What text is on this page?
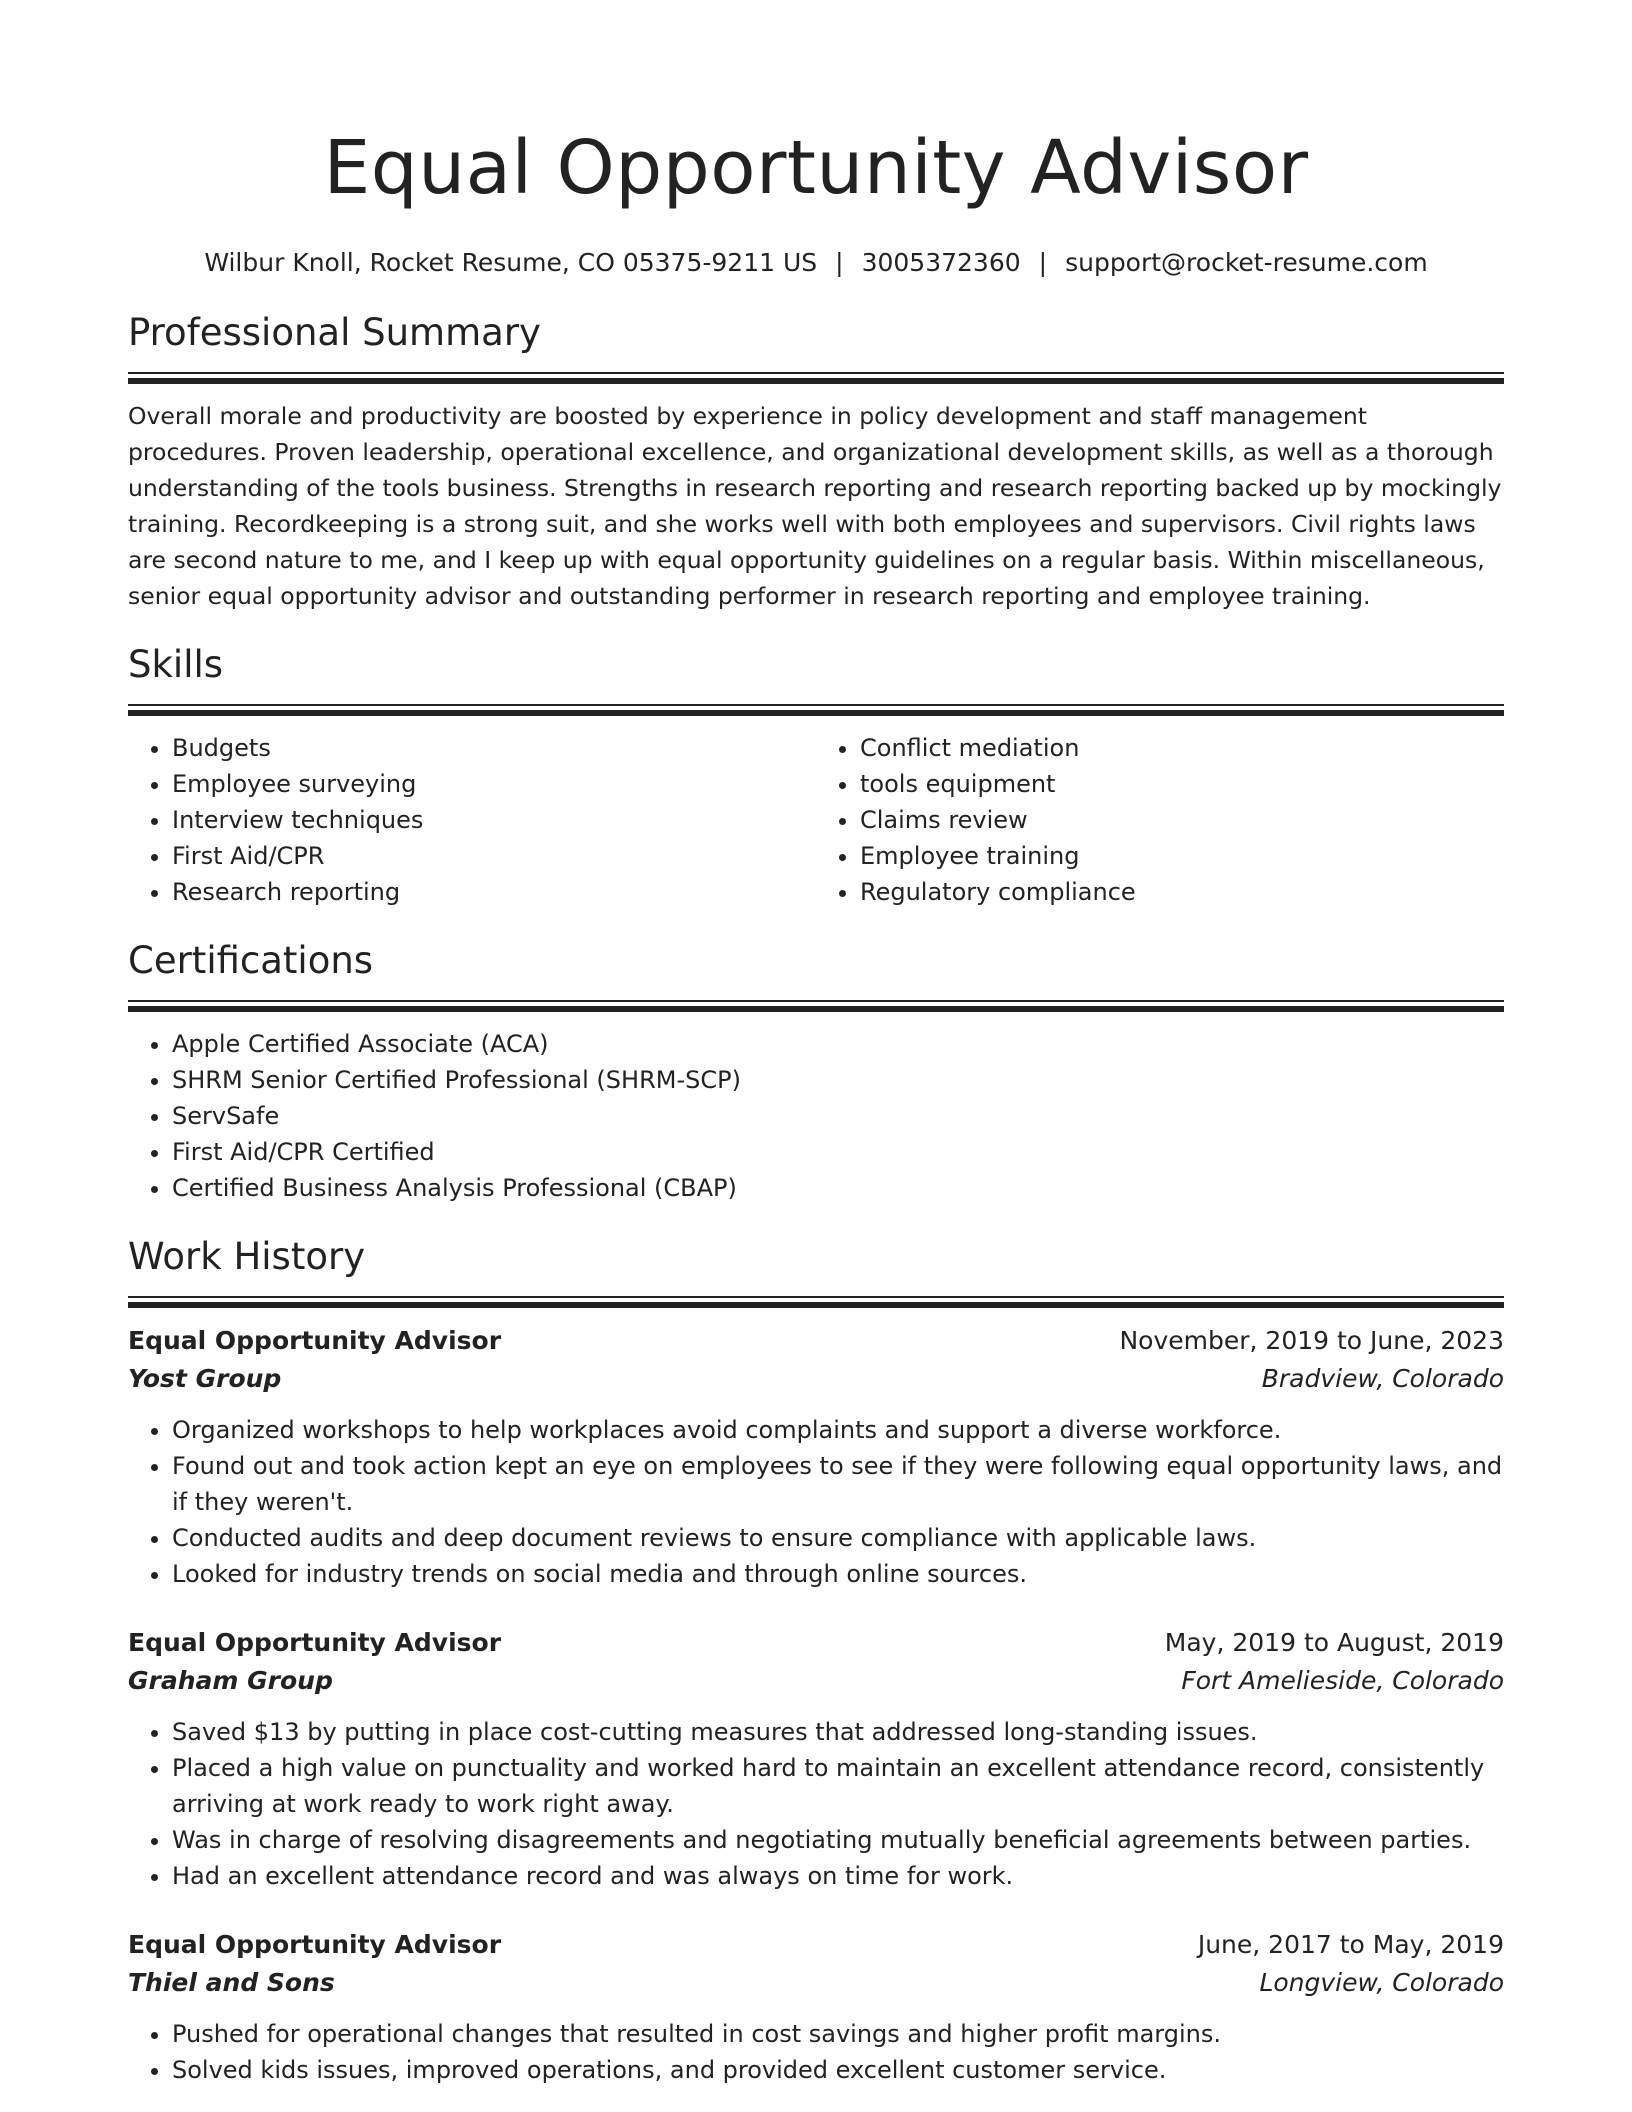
Equal Opportunity Advisor
Wilbur Knoll, Rocket Resume, CO 05375-9211 US | 3005372360 | support@rocket-resume.com
Professional Summary

Overall morale and productivity are boosted by experience in policy development and staff management procedures. Proven leadership, operational excellence, and organizational development skills, as well as a thorough understanding of the tools business. Strengths in research reporting and research reporting backed up by mockingly training. Recordkeeping is a strong suit, and she works well with both employees and supervisors. Civil rights laws are second nature to me, and I keep up with equal opportunity guidelines on a regular basis. Within miscellaneous, senior equal opportunity advisor and outstanding performer in research reporting and employee training.

Skills
• Budgets
• Employee surveying
• Interview techniques
• First Aid/CPR
• Research reporting
• Conflict mediation
• tools equipment
• Claims review
• Employee training
• Regulatory compliance
Certifications
• Apple Certified Associate (ACA)
• SHRM Senior Certified Professional (SHRM-SCP)
• ServSafe
• First Aid/CPR Certified
• Certified Business Analysis Professional (CBAP)
Work History
Equal Opportunity Advisor	November, 2019 to June, 2023
Yost Group	Bradview, Colorado
• Organized workshops to help workplaces avoid complaints and support a diverse workforce.
• Found out and took action kept an eye on employees to see if they were following equal opportunity laws, and if they weren't.
• Conducted audits and deep document reviews to ensure compliance with applicable laws.
• Looked for industry trends on social media and through online sources.
Equal Opportunity Advisor	May, 2019 to August, 2019
Graham Group	Fort Amelieside, Colorado
• Saved $13 by putting in place cost-cutting measures that addressed long-standing issues.
• Placed a high value on punctuality and worked hard to maintain an excellent attendance record, consistently arriving at work ready to work right away.
• Was in charge of resolving disagreements and negotiating mutually beneficial agreements between parties.
• Had an excellent attendance record and was always on time for work.
Equal Opportunity Advisor	June, 2017 to May, 2019
Thiel and Sons	Longview, Colorado
• Pushed for operational changes that resulted in cost savings and higher profit margins.
• Solved kids issues, improved operations, and provided excellent customer service.
